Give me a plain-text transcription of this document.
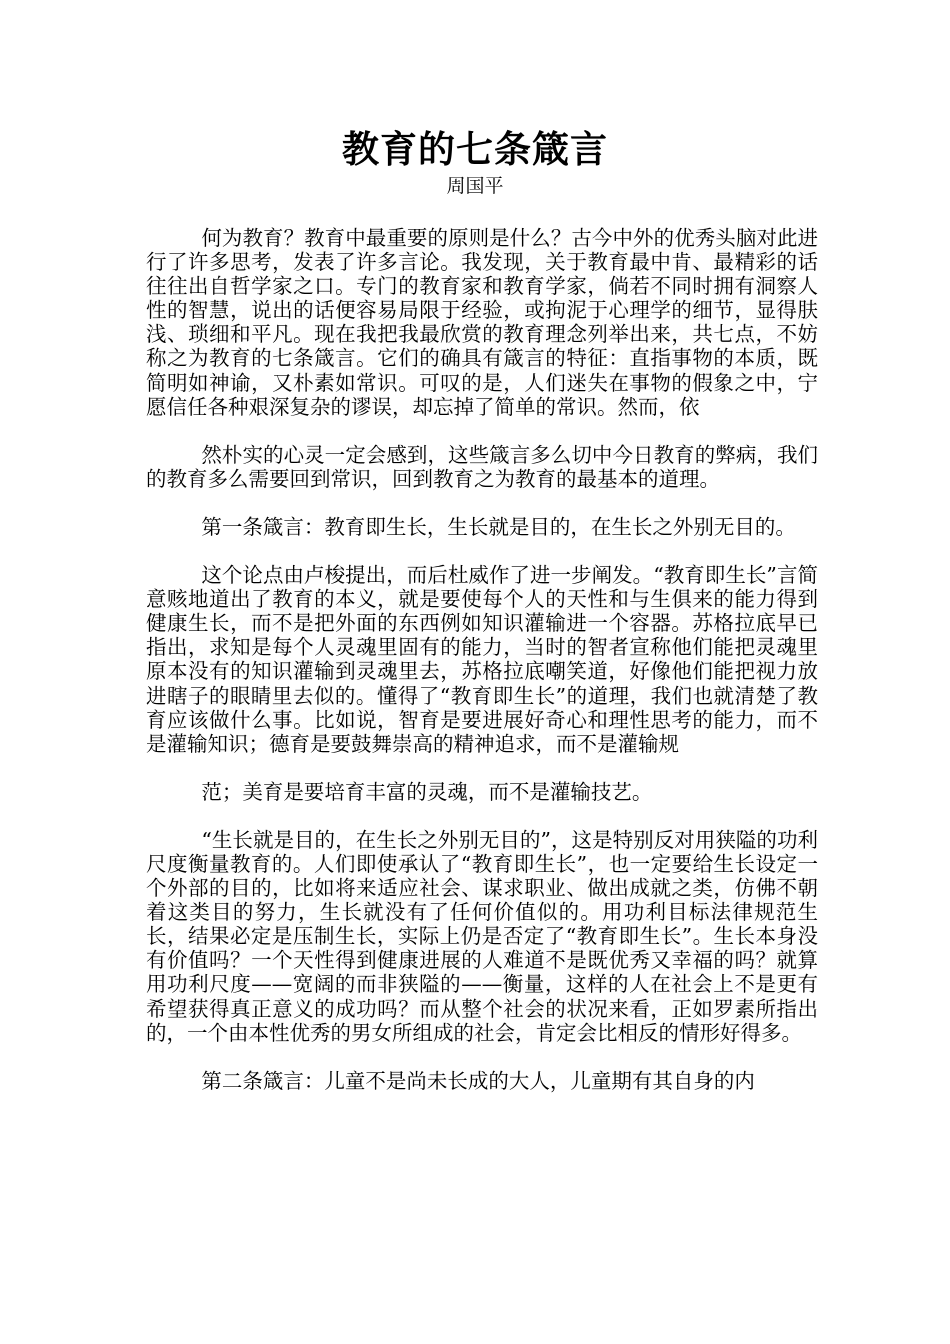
教育的七条箴言
周国平

何为教育？教育中最重要的原则是什么？古今中外的优秀头脑对此进行了许多思考，发表了许多言论。我发现，关于教育最中肯、最精彩的话往往出自哲学家之口。专门的教育家和教育学家，倘若不同时拥有洞察人性的智慧，说出的话便容易局限于经验，或拘泥于心理学的细节，显得肤浅、琐细和平凡。现在我把我最欣赏的教育理念列举出来，共七点，不妨称之为教育的七条箴言。它们的确具有箴言的特征：直指事物的本质，既简明如神谕，又朴素如常识。可叹的是，人们迷失在事物的假象之中，宁愿信任各种艰深复杂的谬误，却忘掉了简单的常识。然而，依

然朴实的心灵一定会感到，这些箴言多么切中今日教育的弊病，我们的教育多么需要回到常识，回到教育之为教育的最基本的道理。

第一条箴言：教育即生长，生长就是目的，在生长之外别无目的。

这个论点由卢梭提出，而后杜威作了进一步阐发。“教育即生长”言简意赅地道出了教育的本义，就是要使每个人的天性和与生俱来的能力得到健康生长，而不是把外面的东西例如知识灌输进一个容器。苏格拉底早已指出，求知是每个人灵魂里固有的能力，当时的智者宣称他们能把灵魂里原本没有的知识灌输到灵魂里去，苏格拉底嘲笑道，好像他们能把视力放进瞎子的眼睛里去似的。懂得了“教育即生长”的道理，我们也就清楚了教育应该做什么事。比如说，智育是要进展好奇心和理性思考的能力，而不是灌输知识；德育是要鼓舞崇高的精神追求，而不是灌输规

范；美育是要培育丰富的灵魂，而不是灌输技艺。

“生长就是目的，在生长之外别无目的”，这是特别反对用狭隘的功利尺度衡量教育的。人们即使承认了“教育即生长”，也一定要给生长设定一个外部的目的，比如将来适应社会、谋求职业、做出成就之类，仿佛不朝着这类目的努力，生长就没有了任何价值似的。用功利目标法律规范生长，结果必定是压制生长，实际上仍是否定了“教育即生长”。生长本身没有价值吗？一个天性得到健康进展的人难道不是既优秀又幸福的吗？就算用功利尺度——宽阔的而非狭隘的——衡量，这样的人在社会上不是更有希望获得真正意义的成功吗？而从整个社会的状况来看，正如罗素所指出的，一个由本性优秀的男女所组成的社会，肯定会比相反的情形好得多。

第二条箴言：儿童不是尚未长成的大人，儿童期有其自身的内
